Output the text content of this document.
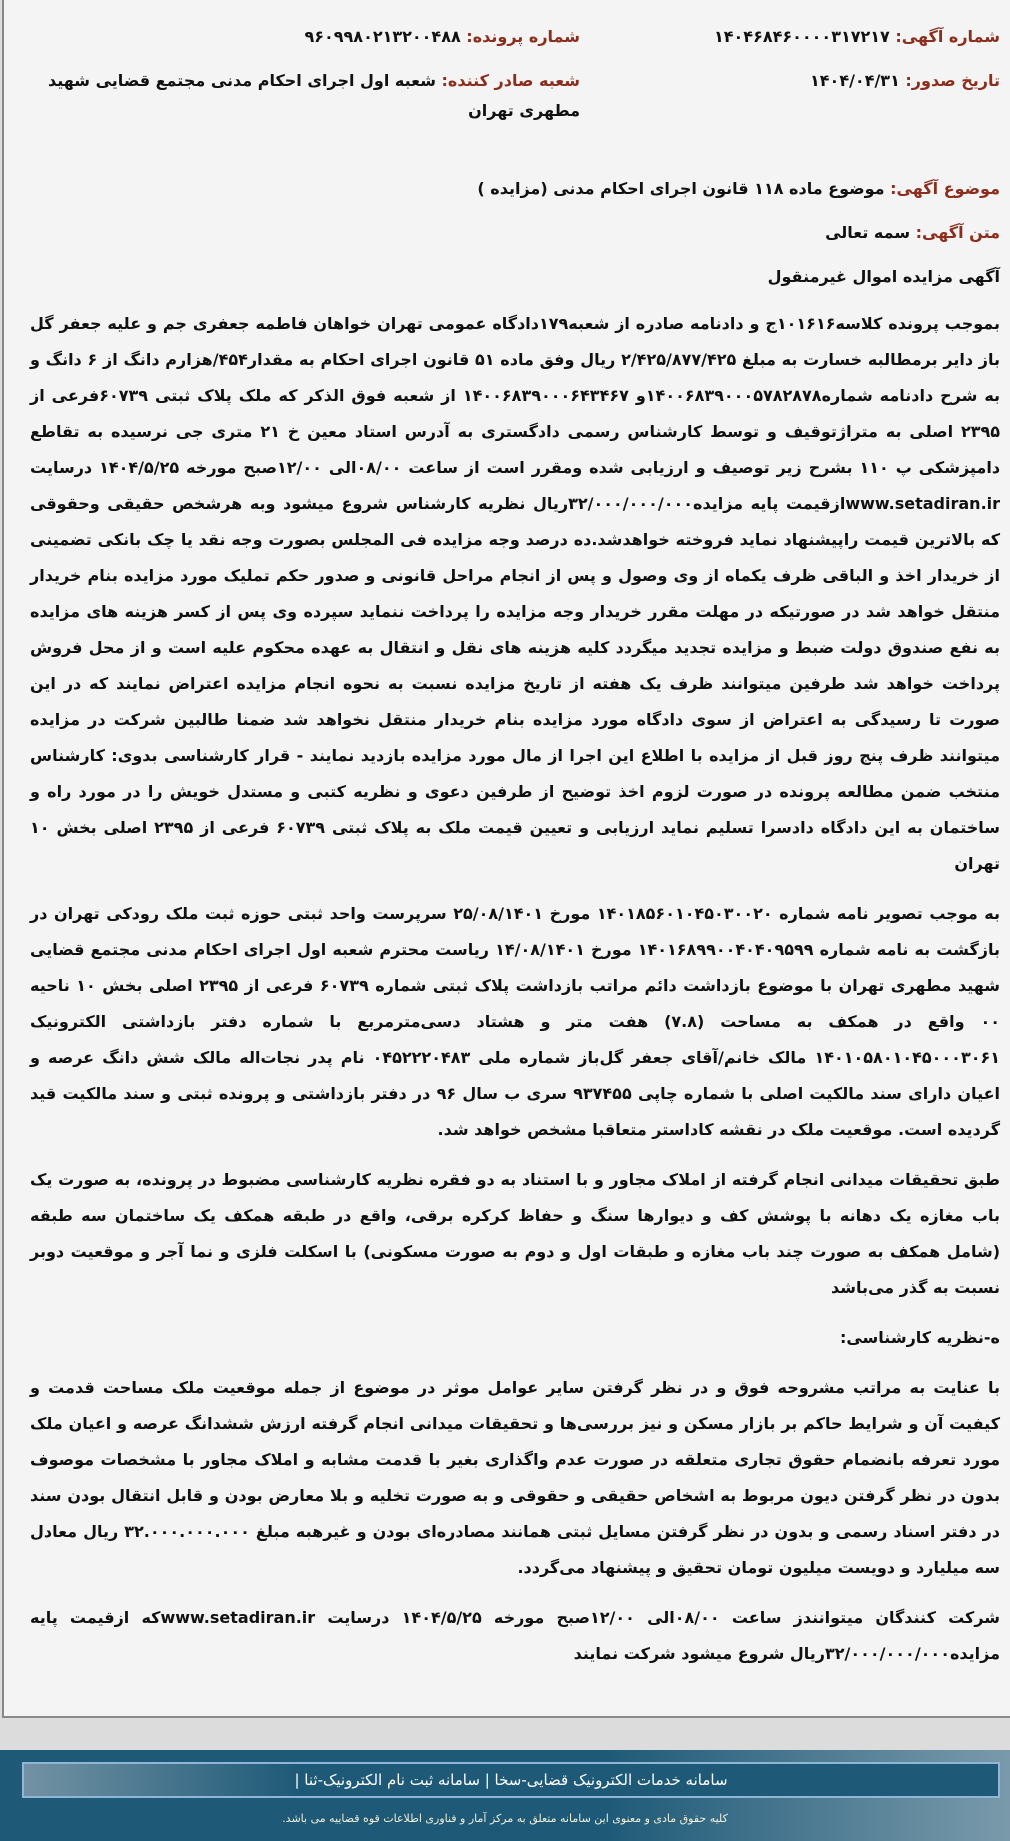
شماره آگهی: ۱۴۰۴۶۸۴۶۰۰۰۰۳۱۷۲۱۷
شماره پرونده: ۹۶۰۹۹۸۰۲۱۳۲۰۰۴۸۸
تاریخ صدور: ۱۴۰۴/۰۴/۳۱
شعبه صادر کننده: شعبه اول اجرای احکام مدنی مجتمع قضایی شهید مطهری تهران
موضوع آگهی: موضوع ماده ۱۱۸ قانون اجرای احکام مدنی (مزایده )
متن آگهی: سمه تعالی
آگهی مزایده اموال غیرمنقول
بموجب پرونده کلاسه۱۰۱۶۱۶ج و دادنامه صادره از شعبه۱۷۹دادگاه عمومی تهران خواهان فاطمه جعفری جم و علیه جعفر گل باز دایر برمطالبه خسارت به مبلغ ۲/۴۲۵/۸۷۷/۴۲۵ ریال وفق ماده ۵۱ قانون اجرای احکام به مقدار۴۵۴/هزارم دانگ از ۶ دانگ و به شرح دادنامه شماره۱۴۰۰۶۸۳۹۰۰۰۵۷۸۲۸۷۸و ۱۴۰۰۶۸۳۹۰۰۰۶۴۳۴۶۷ از شعبه فوق الذکر که ملک پلاک ثبتی ۶۰۷۳۹فرعی از ۲۳۹۵ اصلی به متراژتوقیف و توسط کارشناس رسمی دادگستری به آدرس استاد معین خ ۲۱ متری جی نرسیده به تقاطع دامپزشکی پ ۱۱۰ بشرح زیر توصیف و ارزیابی شده ومقرر است از ساعت ۰۸/۰۰الی ۱۲/۰۰صبح مورخه ۱۴۰۴/۵/۲۵ درسایت www.setadiran.irازقیمت پایه مزایده۳۲/۰۰۰/۰۰۰/۰۰۰ریال نظریه کارشناس شروع میشود وبه هرشخص حقیقی وحقوقی که بالاترین قیمت راپیشنهاد نماید فروخته خواهدشد.ده درصد وجه مزایده فی المجلس بصورت وجه نقد یا چک بانکی تضمینی از خریدار اخذ و الباقی ظرف یکماه از وی وصول و پس از انجام مراحل قانونی و صدور حکم تملیک مورد مزایده بنام خریدار منتقل خواهد شد در صورتیکه در مهلت مقرر خریدار وجه مزایده را پرداخت ننماید سپرده وی پس از کسر هزینه های مزایده به نفع صندوق دولت ضبط و مزایده تجدید میگردد کلیه هزینه های نقل و انتقال به عهده محکوم علیه است و از محل فروش پرداخت خواهد شد طرفین میتوانند ظرف یک هفته از تاریخ مزایده نسبت به نحوه انجام مزایده اعتراض نمایند که در این صورت تا رسیدگی به اعتراض از سوی دادگاه مورد مزایده بنام خریدار منتقل نخواهد شد ضمنا طالبین شرکت در مزایده میتوانند ظرف پنج روز قبل از مزایده با اطلاع این اجرا از مال مورد مزایده بازدید نمایند - قرار کارشناسی بدوی: کارشناس منتخب ضمن مطالعه پرونده در صورت لزوم اخذ توضیح از طرفین دعوی و نظریه کتبی و مستدل خویش را در مورد راه و ساختمان به این دادگاه دادسرا تسلیم نماید ارزیابی و تعیین قیمت ملک به پلاک ثبتی ۶۰۷۳۹ فرعی از ۲۳۹۵ اصلی بخش ۱۰ تهران
به موجب تصویر نامه شماره ۱۴۰۱۸۵۶۰۱۰۴۵۰۳۰۰۲۰ مورخ ۲۵/۰۸/۱۴۰۱ سرپرست واحد ثبتی حوزه ثبت ملک رودکی تهران در بازگشت به نامه شماره ۱۴۰۱۶۸۹۹۰۰۴۰۴۰۹۵۹۹ مورخ ۱۴/۰۸/۱۴۰۱ ریاست محترم شعبه اول اجرای احکام مدنی مجتمع قضایی شهید مطهری تهران با موضوع بازداشت دائم مراتب بازداشت پلاک ثبتی شماره ۶۰۷۳۹ فرعی از ۲۳۹۵ اصلی بخش ۱۰ ناحیه ۰۰ واقع در همکف به مساحت (۷.۸) هفت متر و هشتاد دسی‌مترمربع با شماره دفتر بازداشتی الکترونیک ۱۴۰۱۰۵۸۰۱۰۴۵۰۰۰۳۰۶۱ مالک خانم/آقای جعفر گل‌باز شماره ملی ۰۴۵۲۲۲۰۴۸۳ نام پدر نجات‌اله مالک شش دانگ عرصه و اعیان دارای سند مالکیت اصلی با شماره چاپی ۹۳۷۴۵۵ سری ب سال ۹۶ در دفتر بازداشتی و پرونده ثبتی و سند مالکیت قید گردیده است. موقعیت ملک در نقشه کاداستر متعاقبا مشخص خواهد شد.
طبق تحقیقات میدانی انجام گرفته از املاک مجاور و با استناد به دو فقره نظریه کارشناسی مضبوط در پرونده، به صورت یک باب مغازه یک دهانه با پوشش کف و دیوارها سنگ و حفاظ کرکره برقی، واقع در طبقه همکف یک ساختمان سه طبقه (شامل همکف به صورت چند باب مغازه و طبقات اول و دوم به صورت مسکونی) با اسکلت فلزی و نما آجر و موقعیت دوبر نسبت به گذر می‌باشد
ه-نظریه کارشناسی:
با عنایت به مراتب مشروحه فوق و در نظر گرفتن سایر عوامل موثر در موضوع از جمله موقعیت ملک مساحت قدمت و کیفیت آن و شرایط حاکم بر بازار مسکن و نیز بررسی‌ها و تحقیقات میدانی انجام گرفته ارزش ششدانگ عرصه و اعیان ملک مورد تعرفه بانضمام حقوق تجاری متعلقه در صورت عدم واگذاری بغیر با قدمت مشابه و املاک مجاور با مشخصات موصوف بدون در نظر گرفتن دیون مربوط به اشخاص حقیقی و حقوقی و به صورت تخلیه و بلا معارض بودن و قابل انتقال بودن سند در دفتر اسناد رسمی و بدون در نظر گرفتن مسایل ثبتی همانند مصادره‌ای بودن و غیرهبه مبلغ ۳۲.۰۰۰.۰۰۰.۰۰۰ ریال معادل سه میلیارد و دویست میلیون تومان تحقیق و پیشنهاد می‌گردد.
شرکت کنندگان میتوانندز ساعت ۰۸/۰۰الی ۱۲/۰۰صبح مورخه ۱۴۰۴/۵/۲۵ درسایت www.setadiran.irکه ازقیمت پایه مزایده۳۲/۰۰۰/۰۰۰/۰۰۰ریال شروع میشود شرکت نمایند
سامانه خدمات الکترونیک قضایی-سخا | سامانه ثبت نام الکترونیک-ثنا |
کلیه حقوق مادی و معنوی این سامانه متعلق به مرکز آمار و فناوری اطلاعات قوه قضاییه می باشد.
